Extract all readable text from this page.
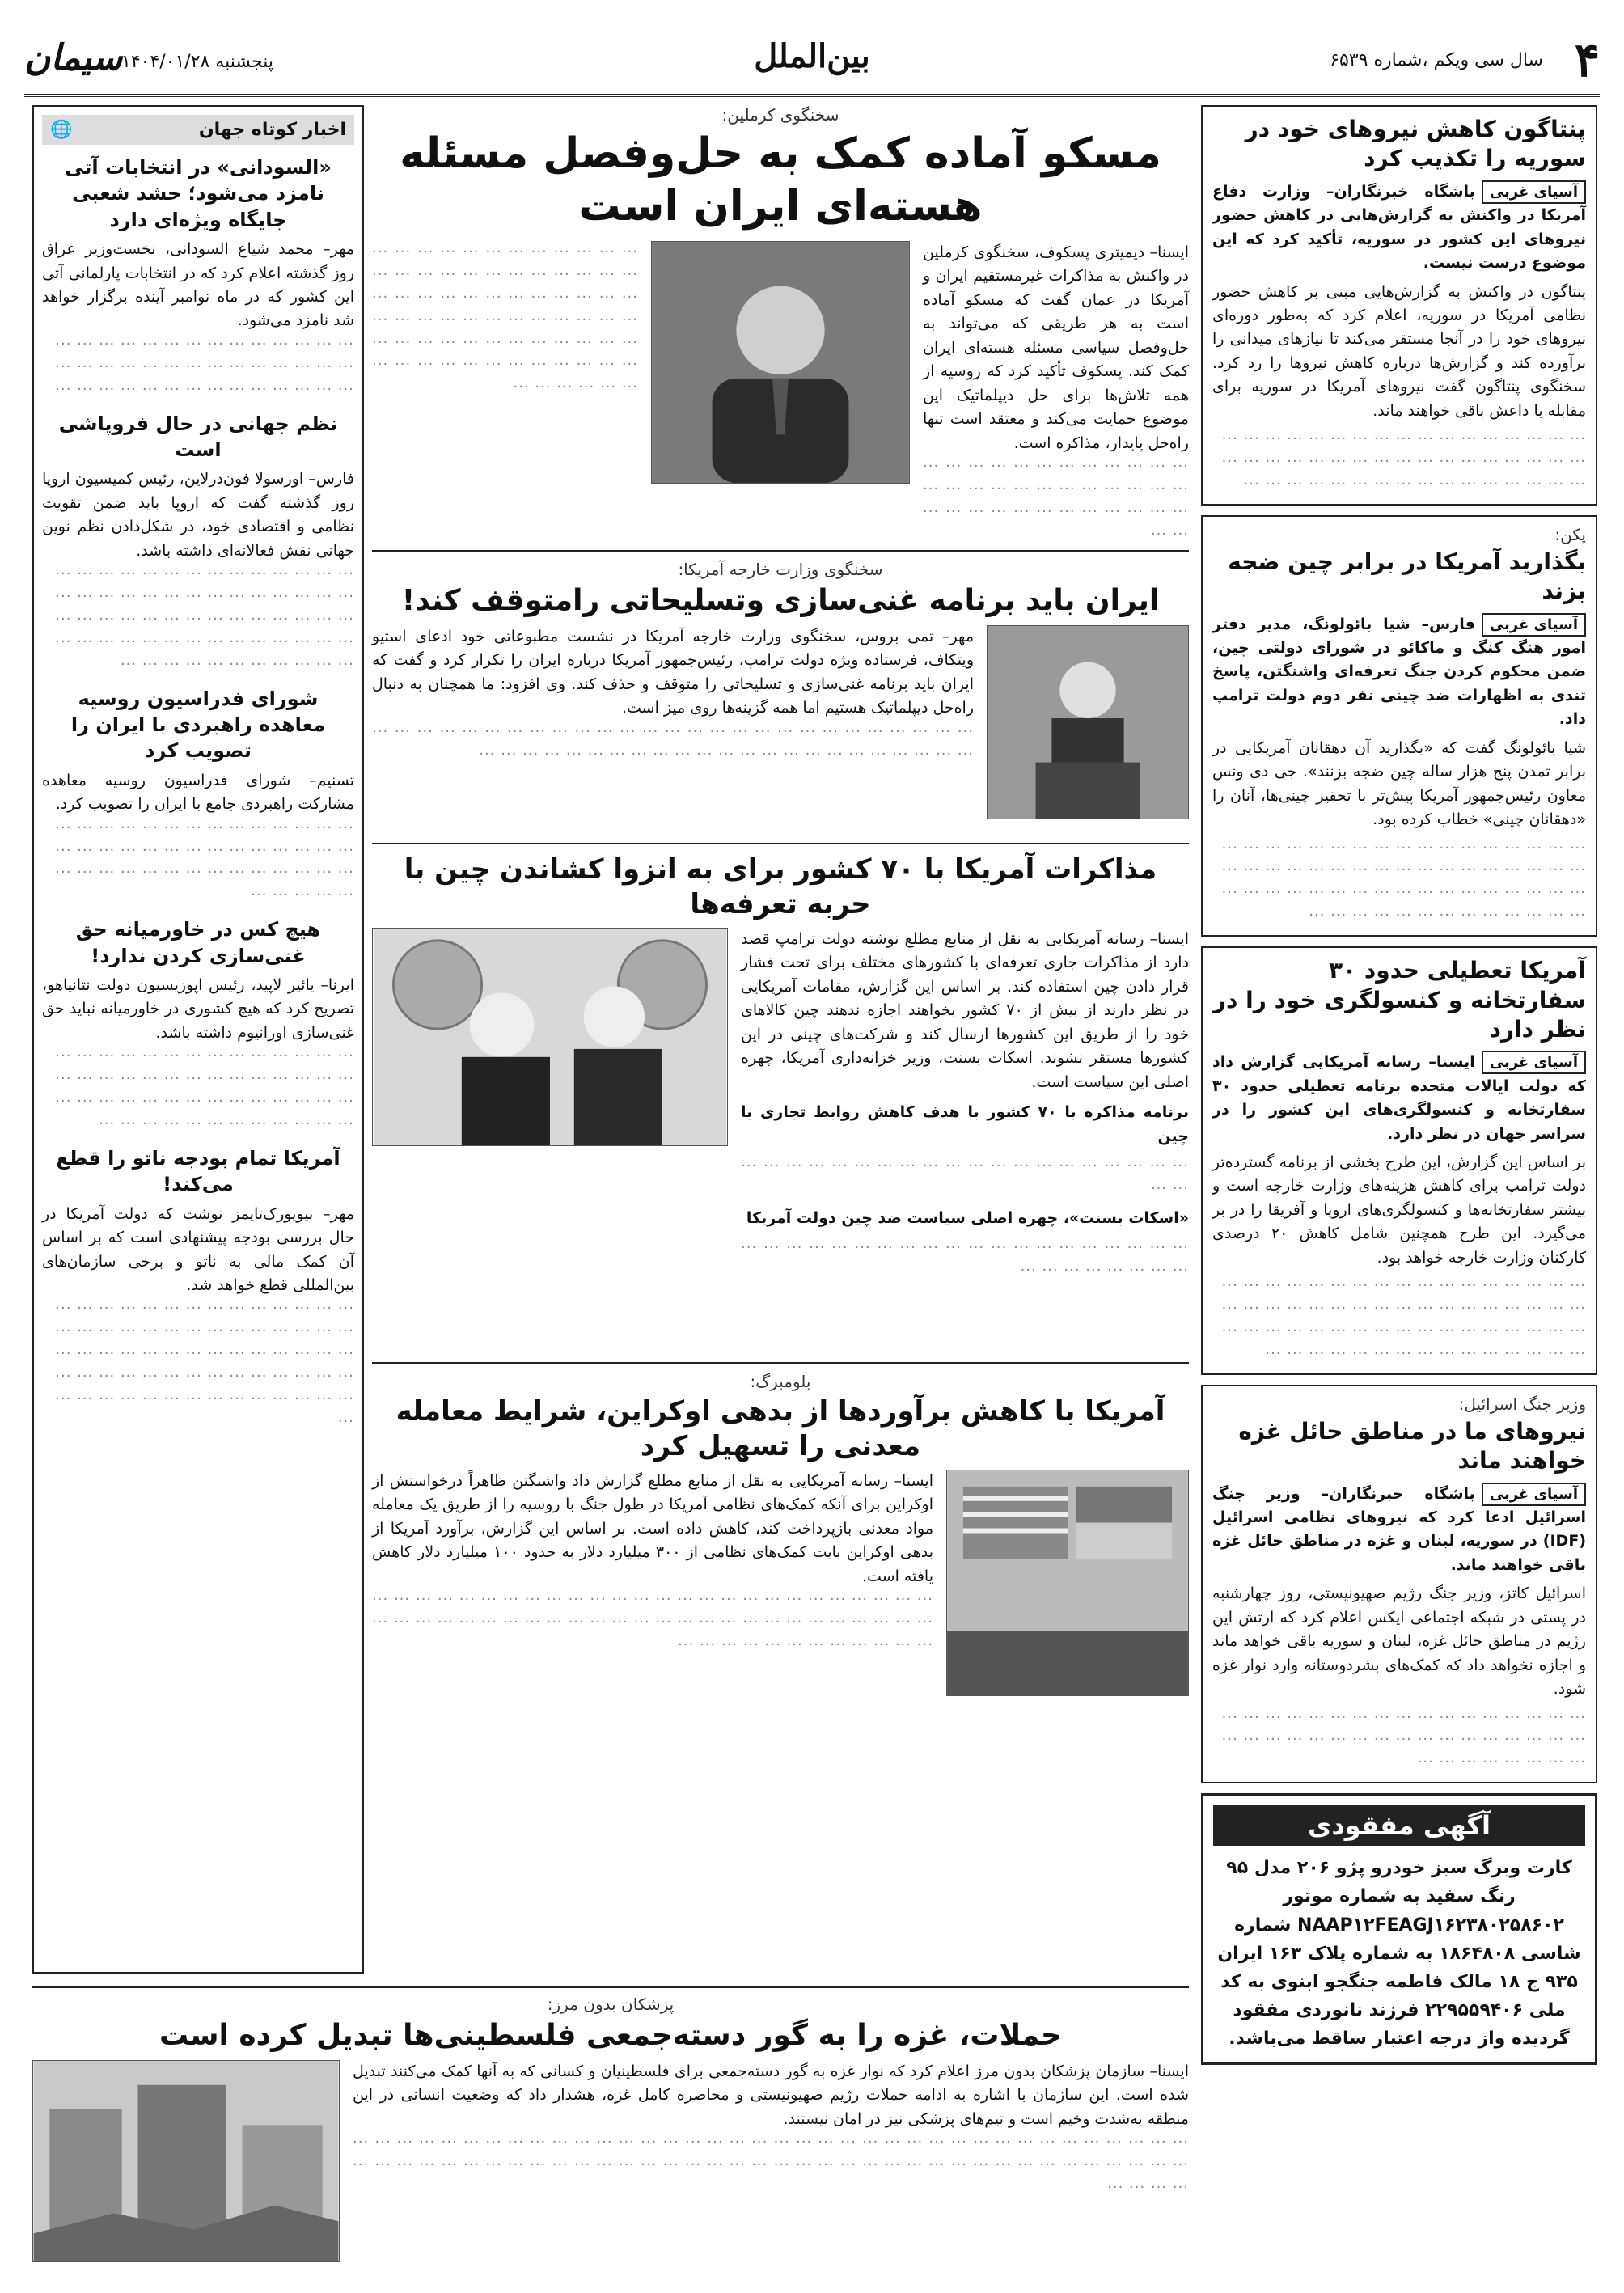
۴
سال سی ویکم ،شماره ۶۵۳۹
بین‌الملل
پنجشنبه ۱۴۰۴/۰۱/۲۸
سیمان
پنتاگون کاهش نیروهای خود در سوریه را تکذیب کرد
آسیای غربی
باشگاه خبرنگاران– وزارت دفاع آمریکا در واکنش به گزارش‌هایی در کاهش حضور نیروهای این کشور در سوریه، تأکید کرد که این موضوع درست نیست.

پنتاگون در واکنش به گزارش‌هایی مبنی بر کاهش حضور نظامی آمریکا در سوریه، اعلام کرد که به‌طور دوره‌ای نیروهای خود را در آنجا مستقر می‌کند تا نیازهای میدانی را برآورده کند و گزارش‌ها درباره کاهش نیروها را رد کرد. سخنگوی پنتاگون گفت نیروهای آمریکا در سوریه برای مقابله با داعش باقی خواهند ماند.

··· ··· ··· ··· ··· ··· ··· ··· ··· ··· ··· ··· ··· ··· ··· ··· ··· ··· ··· ··· ··· ··· ··· ··· ··· ··· ··· ··· ··· ··· ··· ··· ··· ··· ··· ··· ··· ··· ··· ··· ··· ··· ··· ··· ··· ··· ··· ··· ··· ···
پکن:
بگذارید آمریکا در برابر چین ضجه بزند
آسیای غربی
فارس– شیا بائولونگ، مدیر دفتر امور هنگ کنگ و ماکائو در شورای دولتی چین، ضمن محکوم کردن جنگ تعرفه‌ای واشنگتن، پاسخ تندی به اظهارات ضد چینی نفر دوم دولت ترامپ داد.

شیا بائولونگ گفت که «بگذارید آن دهقانان آمریکایی در برابر تمدن پنج هزار ساله چین ضجه بزنند». جی دی ونس معاون رئیس‌جمهور آمریکا پیش‌تر با تحقیر چینی‌ها، آنان را «دهقانان چینی» خطاب کرده بود.

··· ··· ··· ··· ··· ··· ··· ··· ··· ··· ··· ··· ··· ··· ··· ··· ··· ··· ··· ··· ··· ··· ··· ··· ··· ··· ··· ··· ··· ··· ··· ··· ··· ··· ··· ··· ··· ··· ··· ··· ··· ··· ··· ··· ··· ··· ··· ··· ··· ··· ··· ··· ··· ··· ··· ··· ··· ··· ··· ··· ··· ··· ··· ···
آمریکا تعطیلی حدود ۳۰ سفارتخانه و کنسولگری خود را در نظر دارد
آسیای غربی
ایسنا– رسانه آمریکایی گزارش داد که دولت ایالات متحده برنامه تعطیلی حدود ۳۰ سفارتخانه و کنسولگری‌های این کشور را در سراسر جهان در نظر دارد.

بر اساس این گزارش، این طرح بخشی از برنامه گسترده‌تر دولت ترامپ برای کاهش هزینه‌های وزارت خارجه است و بیشتر سفارتخانه‌ها و کنسولگری‌های اروپا و آفریقا را در بر می‌گیرد. این طرح همچنین شامل کاهش ۲۰ درصدی کارکنان وزارت خارجه خواهد بود.

··· ··· ··· ··· ··· ··· ··· ··· ··· ··· ··· ··· ··· ··· ··· ··· ··· ··· ··· ··· ··· ··· ··· ··· ··· ··· ··· ··· ··· ··· ··· ··· ··· ··· ··· ··· ··· ··· ··· ··· ··· ··· ··· ··· ··· ··· ··· ··· ··· ··· ··· ··· ··· ··· ··· ··· ··· ··· ··· ··· ··· ··· ··· ··· ··· ···
وزیر جنگ اسرائیل:
نیروهای ما در مناطق حائل غزه خواهند ماند
آسیای غربی
باشگاه خبرنگاران– وزیر جنگ اسرائیل ادعا کرد که نیروهای نظامی اسرائیل (IDF) در سوریه، لبنان و غزه در مناطق حائل غزه باقی خواهند ماند.

اسرائیل کاتز، وزیر جنگ رژیم صهیونیستی، روز چهارشنبه در پستی در شبکه اجتماعی ایکس اعلام کرد که ارتش این رژیم در مناطق حائل غزه، لبنان و سوریه باقی خواهد ماند و اجازه نخواهد داد که کمک‌های بشردوستانه وارد نوار غزه شود.

··· ··· ··· ··· ··· ··· ··· ··· ··· ··· ··· ··· ··· ··· ··· ··· ··· ··· ··· ··· ··· ··· ··· ··· ··· ··· ··· ··· ··· ··· ··· ··· ··· ··· ··· ··· ··· ··· ··· ··· ··· ···
آگهی مفقودی
کارت وبرگ سبز خودرو پژو ۲۰۶ مدل ۹۵ رنگ سفید به شماره موتور NAAP۱۲FEAGJ۱۶۲۳۸۰۲۵۸۶۰۲ شماره شاسی ۱۸۶۴۸۰۸ به شماره پلاک ۱۶۳ ایران ۹۳۵ ج ۱۸ مالک فاطمه جنگجو ابنوی به کد ملی ۲۲۹۵۵۹۴۰۶ فرزند نانوردی مفقود گردیده واز درجه اعتبار ساقط می‌باشد.
سخنگوی کرملین:
مسکو آماده کمک به حل‌وفصل مسئله هسته‌ای ایران است

ایسنا– دیمیتری پسکوف، سخنگوی کرملین در واکنش به مذاکرات غیرمستقیم ایران و آمریکا در عمان گفت که مسکو آماده است به هر طریقی که می‌تواند به حل‌وفصل سیاسی مسئله هسته‌ای ایران کمک کند. پسکوف تأکید کرد که روسیه از همه تلاش‌ها برای حل دیپلماتیک این موضوع حمایت می‌کند و معتقد است تنها راه‌حل پایدار، مذاکره است.

··· ··· ··· ··· ··· ··· ··· ··· ··· ··· ··· ··· ··· ··· ··· ··· ··· ··· ··· ··· ··· ··· ··· ··· ··· ··· ··· ··· ··· ··· ··· ··· ··· ··· ··· ··· ··· ···
··· ··· ··· ··· ··· ··· ··· ··· ··· ··· ··· ··· ··· ··· ··· ··· ··· ··· ··· ··· ··· ··· ··· ··· ··· ··· ··· ··· ··· ··· ··· ··· ··· ··· ··· ··· ··· ··· ··· ··· ··· ··· ··· ··· ··· ··· ··· ··· ··· ··· ··· ··· ··· ··· ··· ··· ··· ··· ··· ··· ··· ··· ··· ··· ··· ··· ··· ··· ··· ··· ··· ··· ··· ··· ··· ··· ··· ···
سخنگوی وزارت خارجه آمریکا:
ایران باید برنامه غنی‌سازی وتسلیحاتی رامتوقف کند!

مهر– تمی بروس، سخنگوی وزارت خارجه آمریکا در نشست مطبوعاتی خود ادعای استیو ویتکاف، فرستاده ویژه دولت ترامپ، رئیس‌جمهور آمریکا درباره ایران را تکرار کرد و گفت که ایران باید برنامه غنی‌سازی و تسلیحاتی را متوقف و حذف کند. وی افزود: ما همچنان به دنبال راه‌حل دیپلماتیک هستیم اما همه گزینه‌ها روی میز است.

··· ··· ··· ··· ··· ··· ··· ··· ··· ··· ··· ··· ··· ··· ··· ··· ··· ··· ··· ··· ··· ··· ··· ··· ··· ··· ··· ··· ··· ··· ··· ··· ··· ··· ··· ··· ··· ··· ··· ··· ··· ··· ··· ··· ··· ··· ··· ··· ··· ···
مذاکرات آمریکا با ۷۰ کشور برای به انزوا کشاندن چین با حربه تعرفه‌ها

ایسنا– رسانه آمریکایی به نقل از منابع مطلع نوشته دولت ترامپ قصد دارد از مذاکرات جاری تعرفه‌ای با کشورهای مختلف برای تحت فشار قرار دادن چین استفاده کند. بر اساس این گزارش، مقامات آمریکایی در نظر دارند از بیش از ۷۰ کشور بخواهند اجازه ندهند چین کالاهای خود را از طریق این کشورها ارسال کند و شرکت‌های چینی در این کشورها مستقر نشوند. اسکات بسنت، وزیر خزانه‌داری آمریکا، چهره اصلی این سیاست است.

برنامه مذاکره با ۷۰ کشور با هدف کاهش روابط تجاری با چین

··· ··· ··· ··· ··· ··· ··· ··· ··· ··· ··· ··· ··· ··· ··· ··· ··· ··· ··· ··· ··· ···

«اسکات بسنت»، چهره اصلی سیاست ضد چین دولت آمریکا

··· ··· ··· ··· ··· ··· ··· ··· ··· ··· ··· ··· ··· ··· ··· ··· ··· ··· ··· ··· ··· ··· ··· ··· ··· ··· ··· ···
بلومبرگ:
آمریکا با کاهش برآوردها از بدهی اوکراین، شرایط معامله معدنی را تسهیل کرد

ایسنا– رسانه آمریکایی به نقل از منابع مطلع گزارش داد واشنگتن ظاهراً درخواستش از اوکراین برای آنکه کمک‌های نظامی آمریکا در طول جنگ با روسیه را از طریق یک معامله مواد معدنی بازپرداخت کند، کاهش داده است. بر اساس این گزارش، برآورد آمریکا از بدهی اوکراین بابت کمک‌های نظامی از ۳۰۰ میلیارد دلار به حدود ۱۰۰ میلیارد دلار کاهش یافته است.

··· ··· ··· ··· ··· ··· ··· ··· ··· ··· ··· ··· ··· ··· ··· ··· ··· ··· ··· ··· ··· ··· ··· ··· ··· ··· ··· ··· ··· ··· ··· ··· ··· ··· ··· ··· ··· ··· ··· ··· ··· ··· ··· ··· ··· ··· ··· ··· ··· ··· ··· ··· ··· ··· ··· ··· ··· ··· ··· ··· ··· ··· ··· ···
اخبار کوتاه جهان
🌐
«السودانی» در انتخابات آتی نامزد می‌شود؛ حشد شعبی جایگاه ویژه‌ای دارد
مهر– محمد شیاع السودانی، نخست‌وزیر عراق روز گذشته اعلام کرد که در انتخابات پارلمانی آتی این کشور که در ماه نوامبر آینده برگزار خواهد شد نامزد می‌شود.
··· ··· ··· ··· ··· ··· ··· ··· ··· ··· ··· ··· ··· ··· ··· ··· ··· ··· ··· ··· ··· ··· ··· ··· ··· ··· ··· ··· ··· ··· ··· ··· ··· ··· ··· ··· ··· ··· ··· ··· ··· ···
نظم جهانی در حال فروپاشی است
فارس– اورسولا فون‌درلاین، رئیس کمیسیون اروپا روز گذشته گفت که اروپا باید ضمن تقویت نظامی و اقتصادی خود، در شکل‌دادن نظم نوین جهانی نقش فعالانه‌ای داشته باشد.
··· ··· ··· ··· ··· ··· ··· ··· ··· ··· ··· ··· ··· ··· ··· ··· ··· ··· ··· ··· ··· ··· ··· ··· ··· ··· ··· ··· ··· ··· ··· ··· ··· ··· ··· ··· ··· ··· ··· ··· ··· ··· ··· ··· ··· ··· ··· ··· ··· ··· ··· ··· ··· ··· ··· ··· ··· ··· ··· ··· ··· ··· ··· ··· ··· ··· ···
شورای فدراسیون روسیه معاهده راهبردی با ایران را تصویب کرد
تسنیم– شورای فدراسیون روسیه معاهده مشارکت راهبردی جامع با ایران را تصویب کرد.
··· ··· ··· ··· ··· ··· ··· ··· ··· ··· ··· ··· ··· ··· ··· ··· ··· ··· ··· ··· ··· ··· ··· ··· ··· ··· ··· ··· ··· ··· ··· ··· ··· ··· ··· ··· ··· ··· ··· ··· ··· ··· ··· ··· ··· ··· ···
هیچ کس در خاورمیانه حق غنی‌سازی کردن ندارد!
ایرنا– یائیر لاپید، رئیس اپوزیسیون دولت نتانیاهو، تصریح کرد که هیچ کشوری در خاورمیانه نباید حق غنی‌سازی اورانیوم داشته باشد.
··· ··· ··· ··· ··· ··· ··· ··· ··· ··· ··· ··· ··· ··· ··· ··· ··· ··· ··· ··· ··· ··· ··· ··· ··· ··· ··· ··· ··· ··· ··· ··· ··· ··· ··· ··· ··· ··· ··· ··· ··· ··· ··· ··· ··· ··· ··· ··· ··· ··· ··· ··· ··· ···
آمریکا تمام بودجه ناتو را قطع می‌کند!
مهر– نیویورک‌تایمز نوشت که دولت آمریکا در حال بررسی بودجه پیشنهادی است که بر اساس آن کمک مالی به ناتو و برخی سازمان‌های بین‌المللی قطع خواهد شد.
··· ··· ··· ··· ··· ··· ··· ··· ··· ··· ··· ··· ··· ··· ··· ··· ··· ··· ··· ··· ··· ··· ··· ··· ··· ··· ··· ··· ··· ··· ··· ··· ··· ··· ··· ··· ··· ··· ··· ··· ··· ··· ··· ··· ··· ··· ··· ··· ··· ··· ··· ··· ··· ··· ··· ··· ··· ··· ··· ··· ··· ··· ··· ··· ··· ··· ··· ··· ··· ··· ···
پزشکان بدون مرز:
حملات، غزه را به گور دسته‌جمعی فلسطینی‌ها تبدیل کرده است

ایسنا– سازمان پزشکان بدون مرز اعلام کرد که نوار غزه به گور دسته‌جمعی برای فلسطینیان و کسانی که به آنها کمک می‌کنند تبدیل شده است. این سازمان با اشاره به ادامه حملات رژیم صهیونیستی و محاصره کامل غزه، هشدار داد که وضعیت انسانی در این منطقه به‌شدت وخیم است و تیم‌های پزشکی نیز در امان نیستند.

··· ··· ··· ··· ··· ··· ··· ··· ··· ··· ··· ··· ··· ··· ··· ··· ··· ··· ··· ··· ··· ··· ··· ··· ··· ··· ··· ··· ··· ··· ··· ··· ··· ··· ··· ··· ··· ··· ··· ··· ··· ··· ··· ··· ··· ··· ··· ··· ··· ··· ··· ··· ··· ··· ··· ··· ··· ··· ··· ··· ··· ··· ··· ··· ··· ··· ··· ··· ··· ··· ··· ··· ··· ··· ··· ··· ··· ··· ··· ···
